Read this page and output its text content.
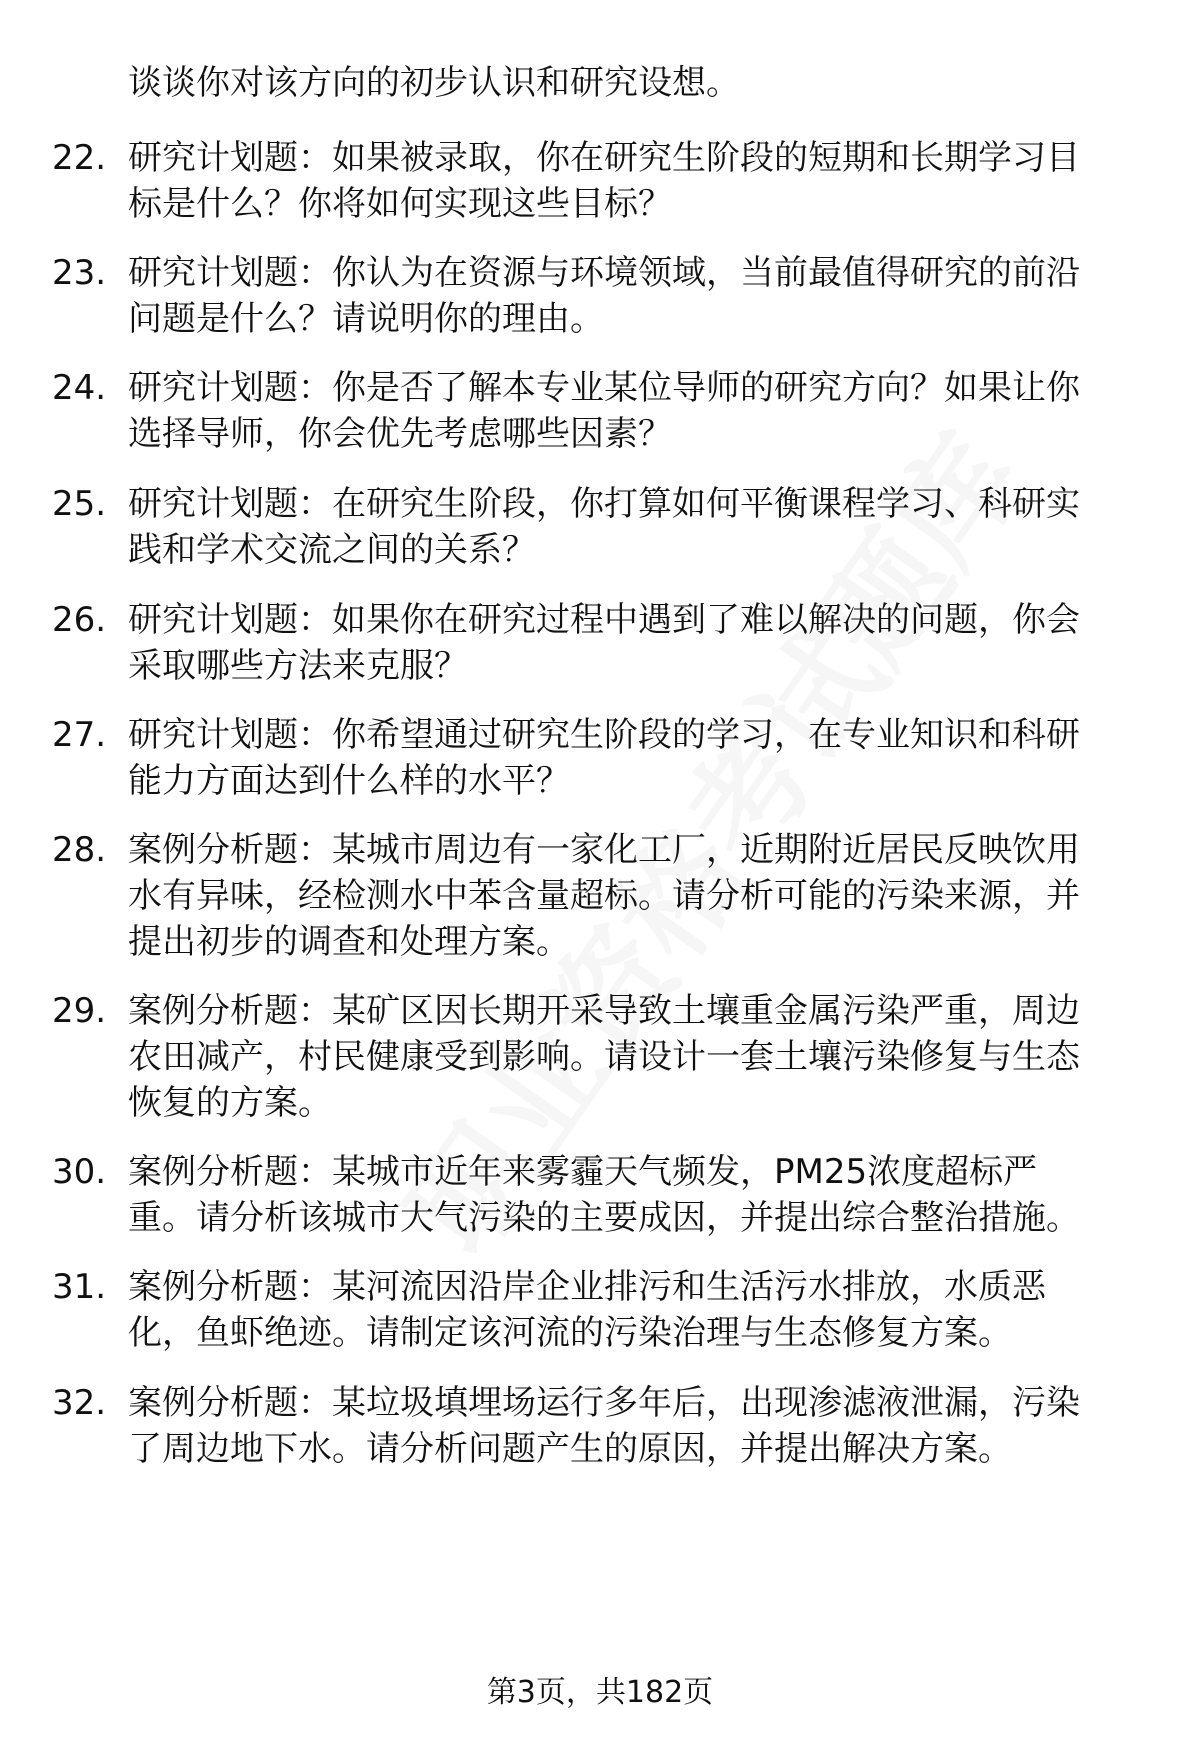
谈谈你对该方向的初步认识和研究设想。
22. 研究计划题：如果被录取，你在研究生阶段的短期和长期学习目
标是什么？你将如何实现这些目标？
23. 研究计划题：你认为在资源与环境领域，当前最值得研究的前沿
问题是什么？请说明你的理由。
24. 研究计划题：你是否了解本专业某位导师的研究方向？如果让你
选择导师，你会优先考虑哪些因素？
25. 研究计划题：在研究生阶段，你打算如何平衡课程学习、科研实
践和学术交流之间的关系？
26. 研究计划题：如果你在研究过程中遇到了难以解决的问题，你会
采取哪些方法来克服？
27. 研究计划题：你希望通过研究生阶段的学习，在专业知识和科研
能力方面达到什么样的水平？
28. 案例分析题：某城市周边有一家化工厂，近期附近居民反映饮用
水有异味，经检测水中苯含量超标。请分析可能的污染来源，并
提出初步的调查和处理方案。
29. 案例分析题：某矿区因长期开采导致土壤重金属污染严重，周边
农田减产，村民健康受到影响。请设计一套土壤污染修复与生态
恢复的方案。
30. 案例分析题：某城市近年来雾霾天气频发，PM25浓度超标严
重。请分析该城市大气污染的主要成因，并提出综合整治措施。
31. 案例分析题：某河流因沿岸企业排污和生活污水排放，水质恶
化，鱼虾绝迹。请制定该河流的污染治理与生态修复方案。
32. 案例分析题：某垃圾填埋场运行多年后，出现渗滤液泄漏，污染
了周边地下水。请分析问题产生的原因，并提出解决方案。
第3页，共182页
